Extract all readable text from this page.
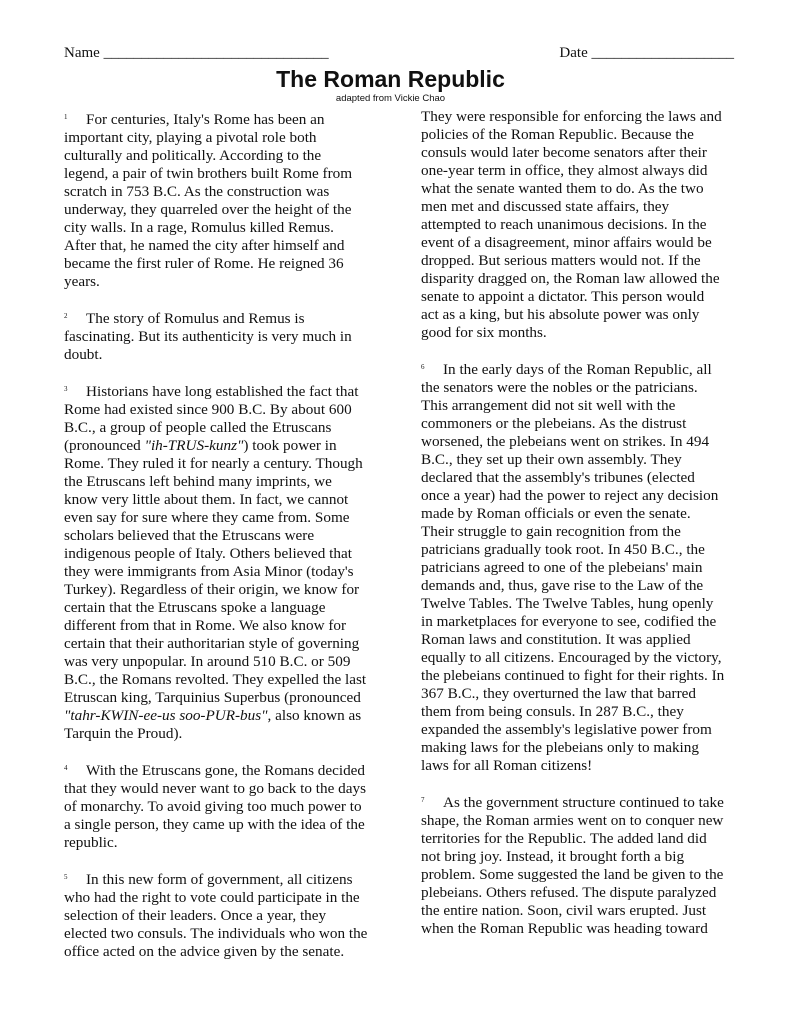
Name ______________________________	Date ___________________
The Roman Republic
adapted from Vickie Chao
1 For centuries, Italy's Rome has been an
important city, playing a pivotal role both
culturally and politically. According to the
legend, a pair of twin brothers built Rome from
scratch in 753 B.C. As the construction was
underway, they quarreled over the height of the
city walls. In a rage, Romulus killed Remus.
After that, he named the city after himself and
became the first ruler of Rome. He reigned 36
years.
2 The story of Romulus and Remus is
fascinating. But its authenticity is very much in
doubt.
3 Historians have long established the fact that
Rome had existed since 900 B.C. By about 600
B.C., a group of people called the Etruscans
(pronounced "ih-TRUS-kunz") took power in
Rome. They ruled it for nearly a century. Though
the Etruscans left behind many imprints, we
know very little about them. In fact, we cannot
even say for sure where they came from. Some
scholars believed that the Etruscans were
indigenous people of Italy. Others believed that
they were immigrants from Asia Minor (today's
Turkey). Regardless of their origin, we know for
certain that the Etruscans spoke a language
different from that in Rome. We also know for
certain that their authoritarian style of governing
was very unpopular. In around 510 B.C. or 509
B.C., the Romans revolted. They expelled the last
Etruscan king, Tarquinius Superbus (pronounced
"tahr-KWIN-ee-us soo-PUR-bus", also known as
Tarquin the Proud).
4 With the Etruscans gone, the Romans decided
that they would never want to go back to the days
of monarchy. To avoid giving too much power to
a single person, they came up with the idea of the
republic.
5 In this new form of government, all citizens
who had the right to vote could participate in the
selection of their leaders. Once a year, they
elected two consuls. The individuals who won the
office acted on the advice given by the senate.
They were responsible for enforcing the laws and
policies of the Roman Republic. Because the
consuls would later become senators after their
one-year term in office, they almost always did
what the senate wanted them to do. As the two
men met and discussed state affairs, they
attempted to reach unanimous decisions. In the
event of a disagreement, minor affairs would be
dropped. But serious matters would not. If the
disparity dragged on, the Roman law allowed the
senate to appoint a dictator. This person would
act as a king, but his absolute power was only
good for six months.
6 In the early days of the Roman Republic, all
the senators were the nobles or the patricians.
This arrangement did not sit well with the
commoners or the plebeians. As the distrust
worsened, the plebeians went on strikes. In 494
B.C., they set up their own assembly. They
declared that the assembly's tribunes (elected
once a year) had the power to reject any decision
made by Roman officials or even the senate.
Their struggle to gain recognition from the
patricians gradually took root. In 450 B.C., the
patricians agreed to one of the plebeians' main
demands and, thus, gave rise to the Law of the
Twelve Tables. The Twelve Tables, hung openly
in marketplaces for everyone to see, codified the
Roman laws and constitution. It was applied
equally to all citizens. Encouraged by the victory,
the plebeians continued to fight for their rights. In
367 B.C., they overturned the law that barred
them from being consuls. In 287 B.C., they
expanded the assembly's legislative power from
making laws for the plebeians only to making
laws for all Roman citizens!
7 As the government structure continued to take
shape, the Roman armies went on to conquer new
territories for the Republic. The added land did
not bring joy. Instead, it brought forth a big
problem. Some suggested the land be given to the
plebeians. Others refused. The dispute paralyzed
the entire nation. Soon, civil wars erupted. Just
when the Roman Republic was heading toward
